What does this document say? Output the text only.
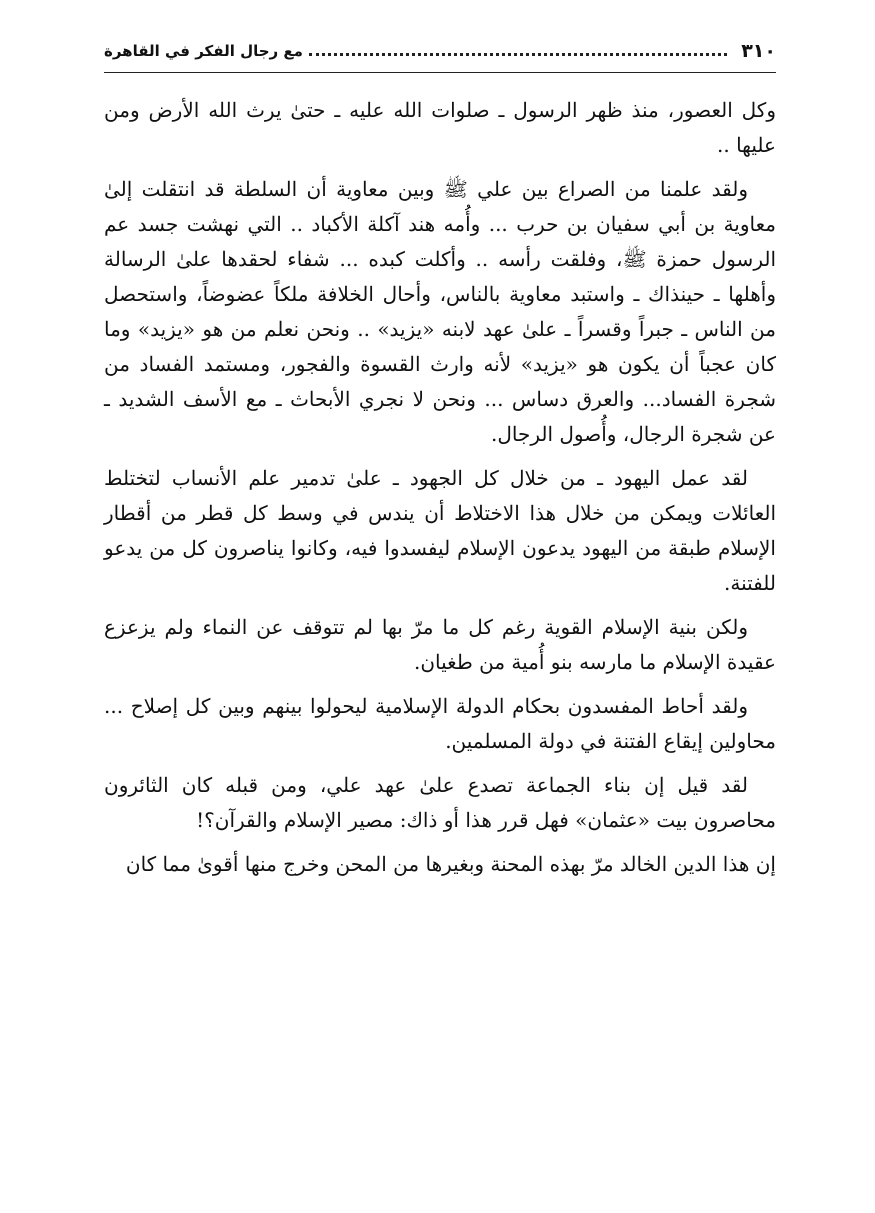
٣١٠
مع رجال الفكر في القاهرة

وكل العصور، منذ ظهر الرسول ـ صلوات الله عليه ـ حتىٰ يرث الله الأرض ومن عليها ..

ولقد علمنا من الصراع بين علي ﷺ وبين معاوية أن السلطة قد انتقلت إلىٰ معاوية بن أبي سفيان بن حرب ... وأُمه هند آكلة الأكباد .. التي نهشت جسد عم الرسول حمزة ﷺ، وفلقت رأسه .. وأكلت كبده ... شفاء لحقدها علىٰ الرسالة وأهلها ـ حينذاك ـ واستبد معاوية بالناس، وأحال الخلافة ملكاً عضوضاً، واستحصل من الناس ـ جبراً وقسراً ـ علىٰ عهد لابنه «يزيد» .. ونحن نعلم من هو «يزيد» وما كان عجباً أن يكون هو «يزيد» لأنه وارث القسوة والفجور، ومستمد الفساد من شجرة الفساد... والعرق دساس ... ونحن لا نجري الأبحاث ـ مع الأسف الشديد ـ عن شجرة الرجال، وأُصول الرجال.

لقد عمل اليهود ـ من خلال كل الجهود ـ علىٰ تدمير علم الأنساب لتختلط العائلات ويمكن من خلال هذا الاختلاط أن يندس في وسط كل قطر من أقطار الإسلام طبقة من اليهود يدعون الإسلام ليفسدوا فيه، وكانوا يناصرون كل من يدعو للفتنة.

ولكن بنية الإسلام القوية رغم كل ما مرّ بها لم تتوقف عن النماء ولم يزعزع عقيدة الإسلام ما مارسه بنو أُمية من طغيان.

ولقد أحاط المفسدون بحكام الدولة الإسلامية ليحولوا بينهم وبين كل إصلاح ... محاولين إيقاع الفتنة في دولة المسلمين.

لقد قيل إن بناء الجماعة تصدع علىٰ عهد علي، ومن قبله كان الثائرون محاصرون بيت «عثمان» فهل قرر هذا أو ذاك: مصير الإسلام والقرآن؟!

إن هذا الدين الخالد مرّ بهذه المحنة وبغيرها من المحن وخرج منها أقوىٰ مما كان
